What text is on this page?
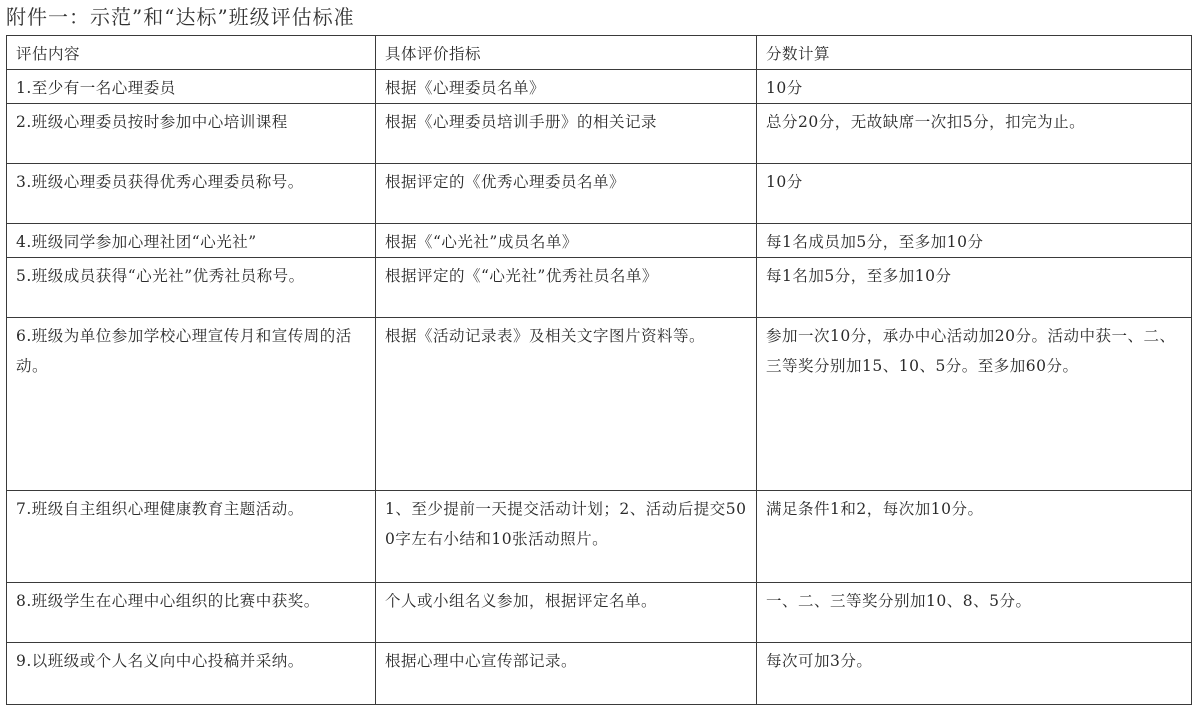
附件一：示范”和“达标”班级评估标准
评估内容	具体评价指标	分数计算
1.至少有一名心理委员	根据《心理委员名单》	10分
2.班级心理委员按时参加中心培训课程	根据《心理委员培训手册》的相关记录	总分20分，无故缺席一次扣5分，扣完为止。
3.班级心理委员获得优秀心理委员称号。	根据评定的《优秀心理委员名单》	10分
4.班级同学参加心理社团“心光社”	根据《“心光社”成员名单》	每1名成员加5分，至多加10分
5.班级成员获得“心光社”优秀社员称号。	根据评定的《“心光社”优秀社员名单》	每1名加5分，至多加10分
6.班级为单位参加学校心理宣传月和宣传周的活动。	根据《活动记录表》及相关文字图片资料等。	参加一次10分，承办中心活动加20分。活动中获一、二、三等奖分别加15、10、5分。至多加60分。
7.班级自主组织心理健康教育主题活动。	1、至少提前一天提交活动计划；2、活动后提交500字左右小结和10张活动照片。	满足条件1和2，每次加10分。
8.班级学生在心理中心组织的比赛中获奖。	个人或小组名义参加，根据评定名单。	一、二、三等奖分别加10、8、5分。
9.以班级或个人名义向中心投稿并采纳。	根据心理中心宣传部记录。	每次可加3分。
